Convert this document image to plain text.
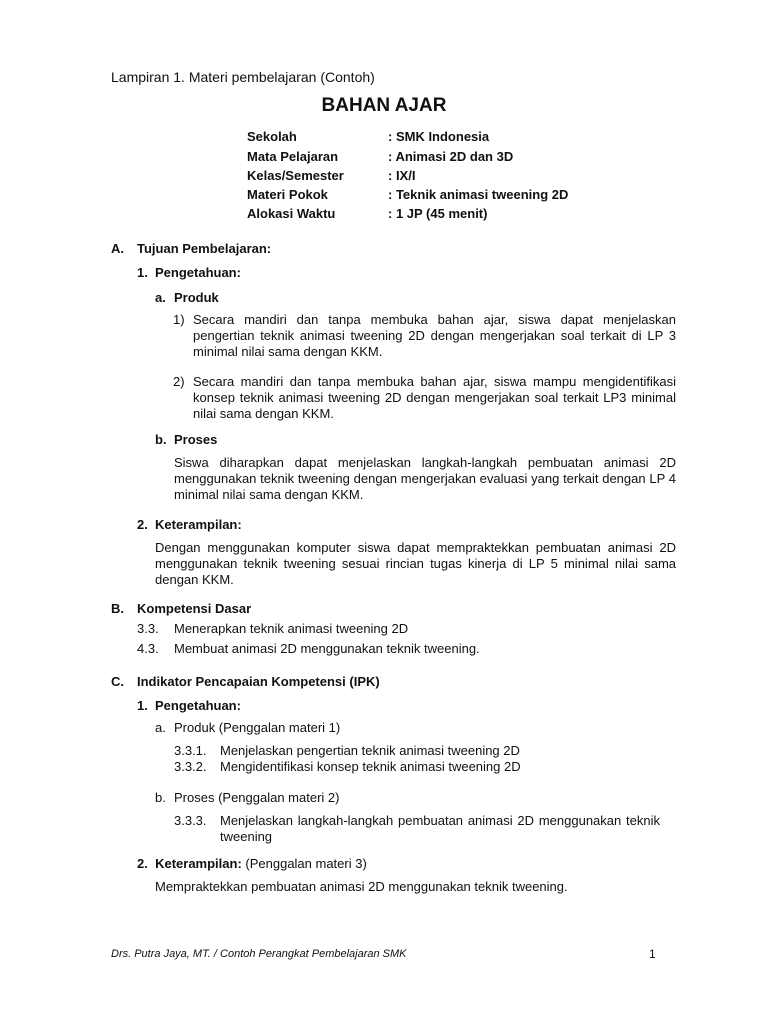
Lampiran 1. Materi pembelajaran (Contoh)
BAHAN AJAR
Sekolah	: SMK Indonesia
Mata Pelajaran	: Animasi 2D dan 3D
Kelas/Semester	: IX/I
Materi Pokok	: Teknik animasi tweening 2D
Alokasi Waktu	: 1 JP (45 menit)
A. Tujuan Pembelajaran:
1. Pengetahuan:
a. Produk
1) Secara mandiri dan tanpa membuka bahan ajar, siswa dapat menjelaskan pengertian teknik animasi tweening 2D dengan mengerjakan soal terkait di LP 3 minimal nilai sama dengan KKM.
2) Secara mandiri dan tanpa membuka bahan ajar, siswa mampu mengidentifikasi konsep teknik animasi tweening 2D dengan mengerjakan soal terkait LP3 minimal nilai sama dengan KKM.
b. Proses
Siswa diharapkan dapat menjelaskan langkah-langkah pembuatan animasi 2D menggunakan teknik tweening dengan mengerjakan evaluasi yang terkait dengan LP 4 minimal nilai sama dengan KKM.
2. Keterampilan:
Dengan menggunakan komputer siswa dapat mempraktekkan pembuatan animasi 2D menggunakan teknik tweening sesuai rincian tugas kinerja di LP 5 minimal nilai sama dengan KKM.
B. Kompetensi Dasar
3.3. Menerapkan teknik animasi tweening 2D
4.3. Membuat animasi 2D menggunakan teknik tweening.
C. Indikator Pencapaian Kompetensi (IPK)
1. Pengetahuan:
a. Produk (Penggalan materi 1)
3.3.1. Menjelaskan pengertian teknik animasi tweening 2D
3.3.2. Mengidentifikasi konsep teknik animasi tweening 2D
b. Proses (Penggalan materi 2)
3.3.3. Menjelaskan langkah-langkah pembuatan animasi 2D menggunakan teknik tweening
2. Keterampilan: (Penggalan materi 3)
Mempraktekkan pembuatan animasi 2D menggunakan teknik tweening.
Drs. Putra Jaya, MT. / Contoh Perangkat Pembelajaran SMK	1
